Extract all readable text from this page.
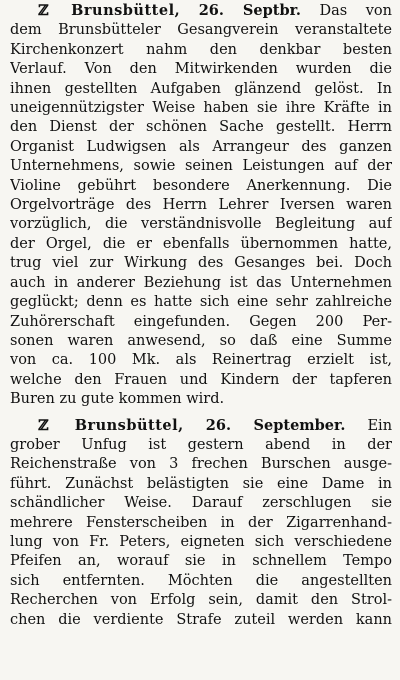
ℤ Brunsbüttel, 26. Septbr. Das von

dem Brunsbütteler Gesangverein veranstaltete

Kirchenkonzert nahm den denkbar besten

Verlauf. Von den Mitwirkenden wurden die

ihnen gestellten Aufgaben glänzend gelöst. In

uneigennützigster Weise haben sie ihre Kräfte in

den Dienst der schönen Sache gestellt. Herrn

Organist Ludwigsen als Arrangeur des ganzen

Unternehmens, sowie seinen Leistungen auf der

Violine gebührt besondere Anerkennung. Die

Orgelvorträge des Herrn Lehrer Iversen waren

vorzüglich, die verständnisvolle Begleitung auf

der Orgel, die er ebenfalls übernommen hatte,

trug viel zur Wirkung des Gesanges bei. Doch

auch in anderer Beziehung ist das Unternehmen

geglückt; denn es hatte sich eine sehr zahlreiche

Zuhörerschaft eingefunden. Gegen 200 Per-

sonen waren anwesend, so daß eine Summe

von ca. 100 Mk. als Reinertrag erzielt ist,

welche den Frauen und Kindern der tapferen

Buren zu gute kommen wird.

ℤ Brunsbüttel, 26. September. Ein

grober Unfug ist gestern abend in der

Reichenstraße von 3 frechen Burschen ausge-

führt. Zunächst belästigten sie eine Dame in

schändlicher Weise. Darauf zerschlugen sie

mehrere Fensterscheiben in der Zigarrenhand-

lung von Fr. Peters, eigneten sich verschiedene

Pfeifen an, worauf sie in schnellem Tempo

sich entfernten. Möchten die angestellten

Recherchen von Erfolg sein, damit den Strol-

chen die verdiente Strafe zuteil werden kann
